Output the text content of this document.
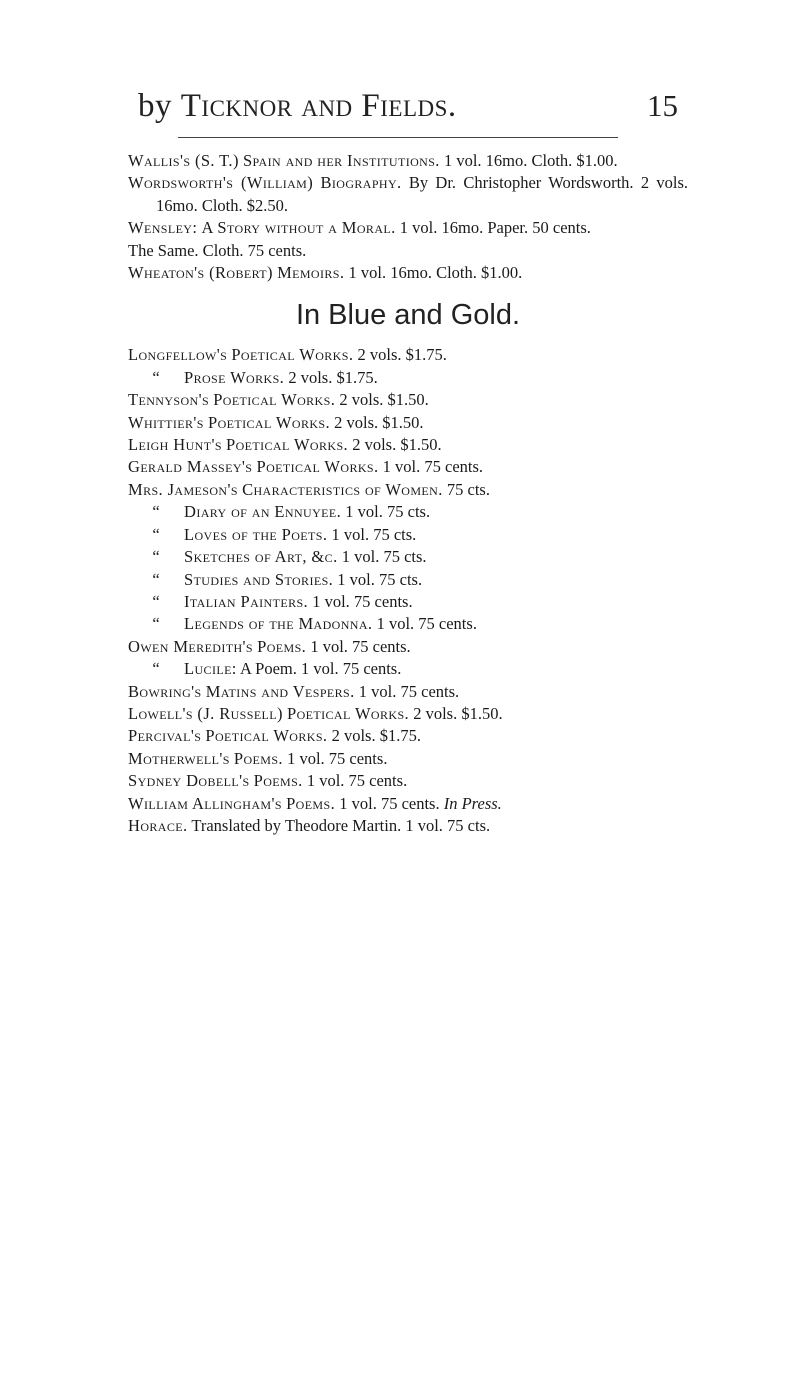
by Ticknor and Fields.	15

Wallis's (S. T.) Spain and her Institutions. 1 vol. 16mo. Cloth. $1.00.

Wordsworth's (William) Biography. By Dr. Christopher Wordsworth. 2 vols. 16mo. Cloth. $2.50.

Wensley: A Story without a Moral. 1 vol. 16mo. Paper. 50 cents.

The Same. Cloth. 75 cents.

Wheaton's (Robert) Memoirs. 1 vol. 16mo. Cloth. $1.00.

In Blue and Gold.

Longfellow's Poetical Works. 2 vols. $1.75.

“ Prose Works. 2 vols. $1.75.

Tennyson's Poetical Works. 2 vols. $1.50.

Whittier's Poetical Works. 2 vols. $1.50.

Leigh Hunt's Poetical Works. 2 vols. $1.50.

Gerald Massey's Poetical Works. 1 vol. 75 cents.

Mrs. Jameson's Characteristics of Women. 75 cts.

“ Diary of an Ennuyee. 1 vol. 75 cts.

“ Loves of the Poets. 1 vol. 75 cts.

“ Sketches of Art, &c. 1 vol. 75 cts.

“ Studies and Stories. 1 vol. 75 cts.

“ Italian Painters. 1 vol. 75 cents.

“ Legends of the Madonna. 1 vol. 75 cents.

Owen Meredith's Poems. 1 vol. 75 cents.

“ Lucile: A Poem. 1 vol. 75 cents.

Bowring's Matins and Vespers. 1 vol. 75 cents.

Lowell's (J. Russell) Poetical Works. 2 vols. $1.50.

Percival's Poetical Works. 2 vols. $1.75.

Motherwell's Poems. 1 vol. 75 cents.

Sydney Dobell's Poems. 1 vol. 75 cents.

William Allingham's Poems. 1 vol. 75 cents. In Press.

Horace. Translated by Theodore Martin. 1 vol. 75 cts.
